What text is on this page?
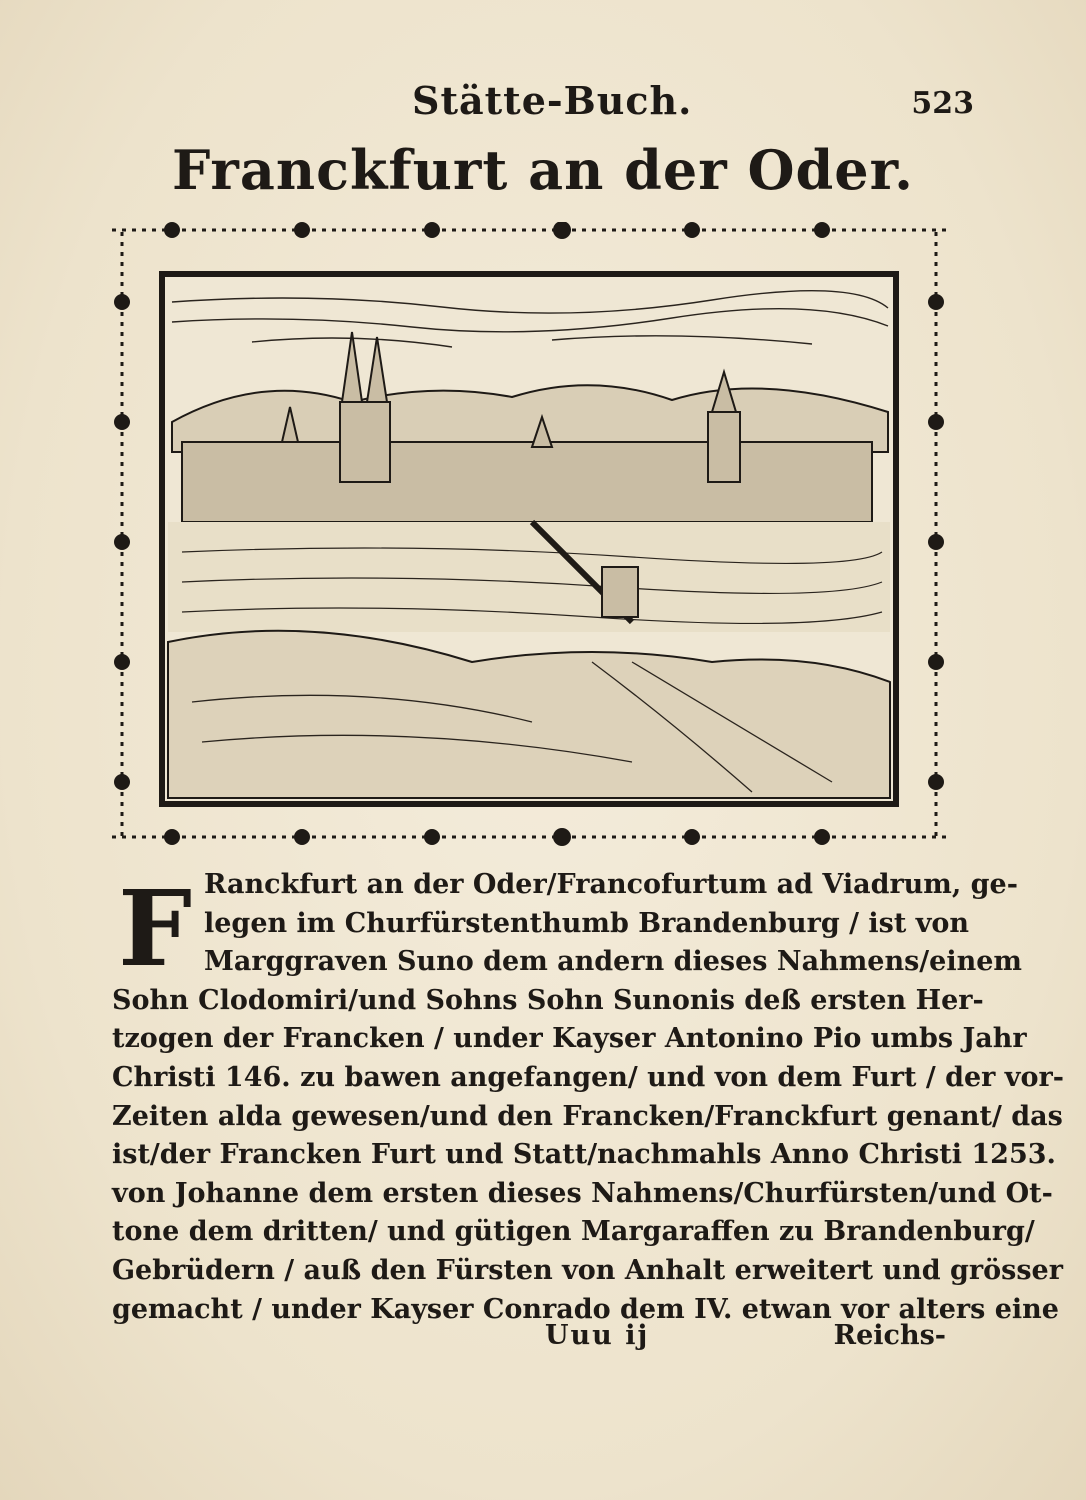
Stätte-Buch.	523
Franckfurt an der Oder.
F Ranckfurt an der Oder/Francofurtum ad Viadrum, ge-
legen im Churfürstenthumb Brandenburg / ist von
Marggraven Suno dem andern dieses Nahmens/einem
Sohn Clodomiri/und Sohns Sohn Sunonis deß ersten Her-
tzogen der Francken / under Kayser Antonino Pio umbs Jahr
Christi 146. zu bawen angefangen/ und von dem Furt / der vor-
Zeiten alda gewesen/und den Francken/Franckfurt genant/ das
ist/der Francken Furt und Statt/nachmahls Anno Christi 1253.
von Johanne dem ersten dieses Nahmens/Churfürsten/und Ot-
tone dem dritten/ und gütigen Margaraffen zu Brandenburg/
Gebrüdern / auß den Fürsten von Anhalt erweitert und grösser
gemacht / under Kayser Conrado dem IV. etwan vor alters eine
Uuu ij	Reichs-
